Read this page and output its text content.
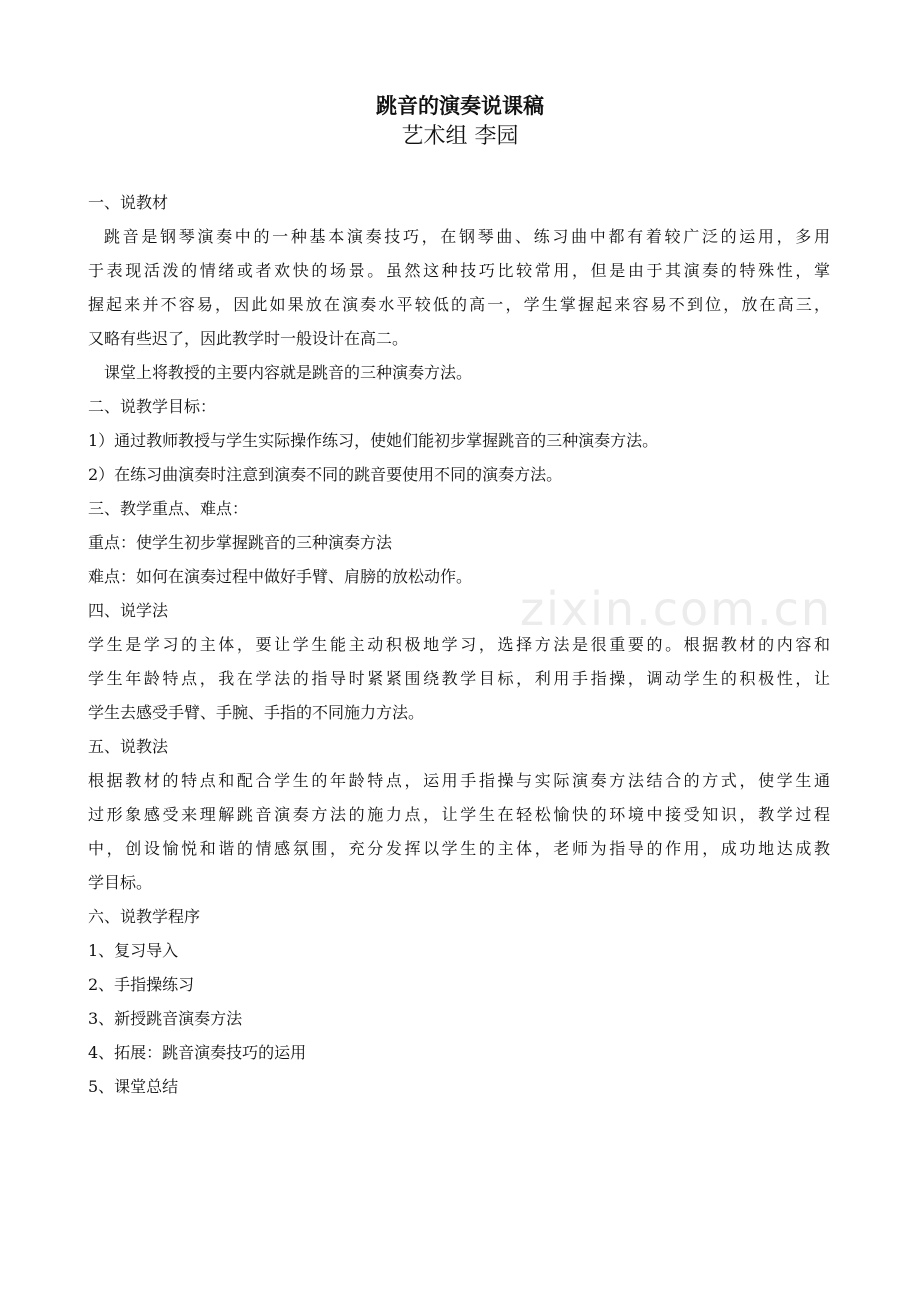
zixin.com.cn
跳音的演奏说课稿
艺术组 李园
一、说教材
跳音是钢琴演奏中的一种基本演奏技巧，在钢琴曲、练习曲中都有着较广泛的运用，多用
于表现活泼的情绪或者欢快的场景。虽然这种技巧比较常用，但是由于其演奏的特殊性，掌
握起来并不容易，因此如果放在演奏水平较低的高一，学生掌握起来容易不到位，放在高三，
又略有些迟了，因此教学时一般设计在高二。
课堂上将教授的主要内容就是跳音的三种演奏方法。
二、说教学目标：
1）通过教师教授与学生实际操作练习，使她们能初步掌握跳音的三种演奏方法。
2）在练习曲演奏时注意到演奏不同的跳音要使用不同的演奏方法。
三、教学重点、难点：
重点：使学生初步掌握跳音的三种演奏方法
难点：如何在演奏过程中做好手臂、肩膀的放松动作。
四、说学法
学生是学习的主体，要让学生能主动积极地学习，选择方法是很重要的。根据教材的内容和
学生年龄特点，我在学法的指导时紧紧围绕教学目标，利用手指操，调动学生的积极性，让
学生去感受手臂、手腕、手指的不同施力方法。
五、说教法
根据教材的特点和配合学生的年龄特点，运用手指操与实际演奏方法结合的方式，使学生通
过形象感受来理解跳音演奏方法的施力点，让学生在轻松愉快的环境中接受知识，教学过程
中，创设愉悦和谐的情感氛围，充分发挥以学生的主体，老师为指导的作用，成功地达成教
学目标。
六、说教学程序
1、复习导入
2、手指操练习
3、新授跳音演奏方法
4、拓展：跳音演奏技巧的运用
5、课堂总结
